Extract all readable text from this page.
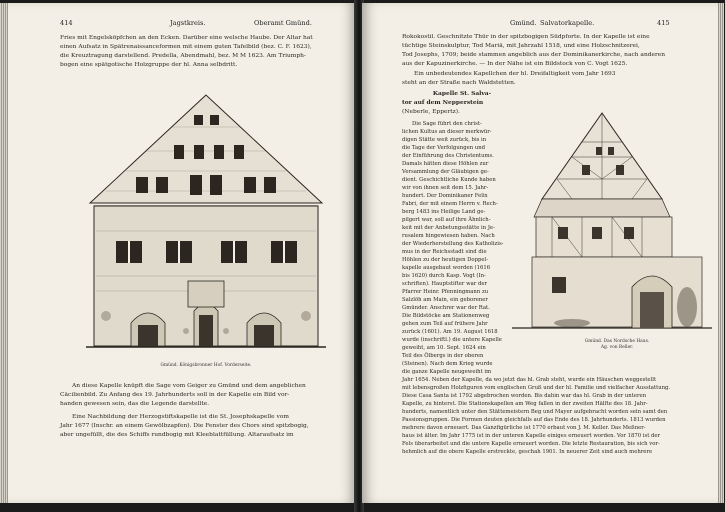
414	Jagstkreis.	Oberamt Gmünd.
Fries mit Engelsköpfchen an den Ecken. Darüber eine welsche Haube. Der Altar hat
einen Aufsatz in Spätrenaissanceformen mit einem guten Tafelbild (bez. C. F. 1623),
die Kreuztragung darstellend. Predella, Abendmahl, bez. M M 1623. Am Triumph-
bogen eine spätgotische Holzgruppe der hl. Anna selbdritt.
Gmünd. Königsbronner Hof. Vorderseite.
An diese Kapelle knüpft die Sage vom Geiger zu Gmünd und dem angeblichen
Cäcilienbild. Zu Anfang des 19. Jahrhunderts soll in der Kapelle ein Bild vor-
handen gewesen sein, das die Legende darstellte.
Eine Nachbildung der Herzogstiftskapelle ist die St. Josephskapelle vom
Jahr 1677 (Inschr. an einem Gewölbzapfen). Die Fenster des Chors sind spitzbogig,
aber ungefüllt, die des Schiffs rundbogig mit Kleeblattfüllung. Altaraufsatz im
Gmünd. Salvatorkapelle.	415
Rokokostil. Geschnitzte Thür in der spitzbogigen Südpforte. In der Kapelle ist eine
tüchtige Steinskulptur, Tod Mariä, mit Jahrzahl 1518, und eine Holzschnitzerei,
Tod Josephs, 1709; beide stammen angeblich aus der Dominikanerkirche, nach anderen
aus der Kapuzinerkirche. — In der Nähe ist ein Bildstock von C. Vogt 1625.
Ein unbedeutendes Kapellchen der hl. Dreifaltigkeit vom Jahr 1693
steht an der Straße nach Waldstetten.
Kapelle St. Salva-
tor auf dem Nepperstein
(Neberle, Eppertz).
Die Sage führt den christ-
lichen Kultus an dieser merkwür-
digen Stätte weit zurück, bis in
die Tage der Verfolgungen und
der Einführung des Christentums.
Damals hätten diese Höhlen zur
Versammlung der Gläubigen ge-
dient. Geschichtliche Kunde haben
wir von ihnen seit dem 15. Jahr-
hundert. Der Dominikaner Felix
Fabri, der mit einem Herrn v. Rech-
berg 1483 ins Heilige Land ge-
pilgert war, soll auf ihre Ähnlich-
keit mit der Anbetungsstätte in Je-
rusalem hingewiesen haben. Nach
der Wiederherstellung des Katholizis-
mus in der Reichsstadt sind die
Höhlen zu der heutigen Doppel-
kapelle ausgebaut worden (1616
bis 1620) durch Kasp. Vogt (In-
schriften). Hauptstifter war der
Pfarrer Heinr. Pfenningmann zu
Salzlöh am Main, ein geborener
Gmünder. Anschrer war der Rat.
Die Bildstöcke am Stationenweg
gehen zum Teil auf frühere Jahr
zurück (1601). Am 19. August 1618
wurde (inschriftl.) die untere Kapelle
geweiht, am 10. Sept. 1624 ein
Teil des Ölbergs in der oberen
(Steinen). Nach dem Krieg wurde
die ganze Kapelle neugeweiht im
Jahr 1654. Neben der Kapelle, da wo jetzt das hl. Grab steht, wurde ein Häuschen weggestellt
Gmünd. Das Nordsche Haus.
Ag. von Beller.
mit lebensgroßen Holzfiguren vom englischen Gruß und der hl. Familie und vielfacher Ausstattung.
Diese Casa Santa ist 1792 abgebrochen worden. Bis dahin war das hl. Grab in der unteren
Kapelle, zu hinterst. Die Stationskapellen am Weg fallen in der zweiten Hälfte des 18. Jahr-
hunderts, namentlich unter den Stättemeistern Beg und Mayer aufgebracht worden sein samt den
Passionsgruppen. Die Formen deuten gleichfalls auf das Ende des 18. Jahrhunderts. 1813 wurden
mehrere davon erneuert. Das Ganzfigürliche ist 1770 erbaut von J. M. Keller. Das Meßner-
haus ist älter. Im Jahr 1775 ist in der unteren Kapelle einiges erneuert worden. Vor 1870 ist der
Fels überarbeitet und die untere Kapelle erneuert worden. Die letzte Restauration, bis sich vor-
hehmlich auf die obere Kapelle erstreckte, geschah 1901. In neuerer Zeit sind auch mehrere
